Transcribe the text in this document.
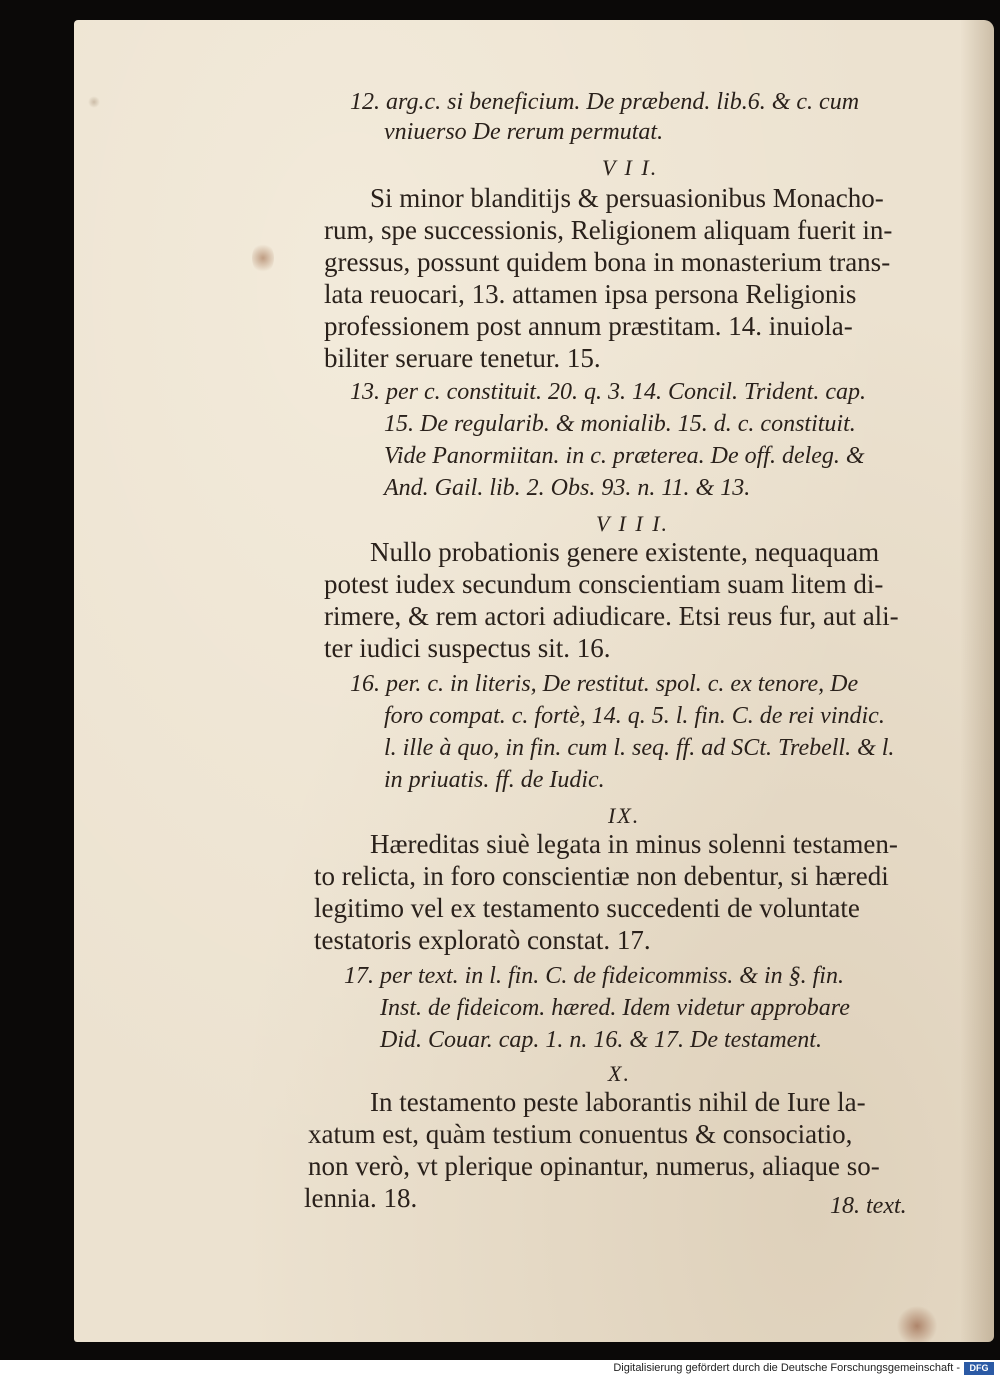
12. arg.c. si beneficium. De præbend. lib.6. & c. cum
vniuerso De rerum permutat.
V I I.
Si minor blanditijs & persuasionibus Monacho-
rum, spe successionis, Religionem aliquam fuerit in-
gressus, possunt quidem bona in monasterium trans-
lata reuocari, 13. attamen ipsa persona Religionis
professionem post annum præstitam. 14. inuiola-
biliter seruare tenetur. 15.
13. per c. constituit. 20. q. 3. 14. Concil. Trident. cap.
15. De regularib. & monialib. 15. d. c. constituit.
Vide Panormiitan. in c. præterea. De off. deleg. &
And. Gail. lib. 2. Obs. 93. n. 11. & 13.
V I I I.
Nullo probationis genere existente, nequaquam
potest iudex secundum conscientiam suam litem di-
rimere, & rem actori adiudicare. Etsi reus fur, aut ali-
ter iudici suspectus sit. 16.
16. per. c. in literis, De restitut. spol. c. ex tenore, De
foro compat. c. fortè, 14. q. 5. l. fin. C. de rei vindic.
l. ille à quo, in fin. cum l. seq. ff. ad SCt. Trebell. & l.
in priuatis. ff. de Iudic.
IX.
Hæreditas siuè legata in minus solenni testamen-
to relicta, in foro conscientiæ non debentur, si hæredi
legitimo vel ex testamento succedenti de voluntate
testatoris exploratò constat. 17.
17. per text. in l. fin. C. de fideicommiss. & in §. fin.
Inst. de fideicom. hæred. Idem videtur approbare
Did. Couar. cap. 1. n. 16. & 17. De testament.
X.
In testamento peste laborantis nihil de Iure la-
xatum est, quàm testium conuentus & consociatio,
non verò, vt plerique opinantur, numerus, aliaque so-
lennia. 18.	18. text.
Digitalisierung gefördert durch die Deutsche Forschungsgemeinschaft -	DFG
